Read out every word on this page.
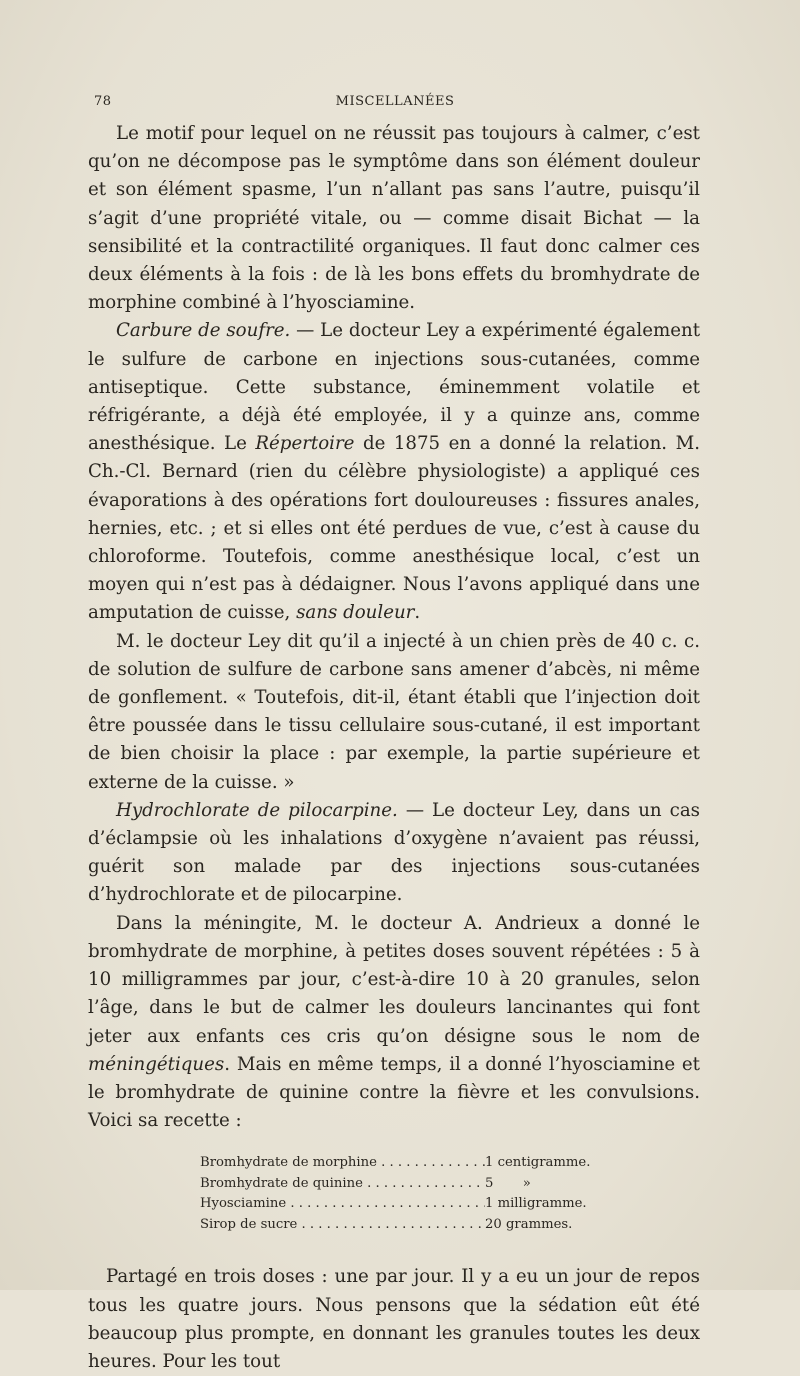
78	MISCELLANÉES

Le motif pour lequel on ne réussit pas toujours à calmer, c’est qu’on ne décompose pas le symptôme dans son élément douleur et son élément spasme, l’un n’allant pas sans l’autre, puisqu’il s’agit d’une propriété vitale, ou — comme disait Bichat — la sensibilité et la contractilité organiques. Il faut donc calmer ces deux éléments à la fois : de là les bons effets du bromhydrate de morphine combiné à l’hyosciamine.

Carbure de soufre. — Le docteur Ley a expérimenté également le sulfure de carbone en injections sous-cutanées, comme antiseptique. Cette substance, éminemment volatile et réfrigérante, a déjà été employée, il y a quinze ans, comme anesthésique. Le Répertoire de 1875 en a donné la relation. M. Ch.-Cl. Bernard (rien du célèbre physiologiste) a appliqué ces évaporations à des opérations fort douloureuses : fissures anales, hernies, etc. ; et si elles ont été perdues de vue, c’est à cause du chloroforme. Toutefois, comme anesthésique local, c’est un moyen qui n’est pas à dédaigner. Nous l’avons appliqué dans une amputation de cuisse, sans douleur.

M. le docteur Ley dit qu’il a injecté à un chien près de 40 c. c. de solution de sulfure de carbone sans amener d’abcès, ni même de gonflement. « Toutefois, dit-il, étant établi que l’injection doit être poussée dans le tissu cellulaire sous-cutané, il est important de bien choisir la place : par exemple, la partie supérieure et externe de la cuisse. »

Hydrochlorate de pilocarpine. — Le docteur Ley, dans un cas d’éclampsie où les inhalations d’oxygène n’avaient pas réussi, guérit son malade par des injections sous-cutanées d’hydrochlorate et de pilocarpine.

Dans la méningite, M. le docteur A. Andrieux a donné le bromhydrate de morphine, à petites doses souvent répétées : 5 à 10 milligrammes par jour, c’est-à-dire 10 à 20 granules, selon l’âge, dans le but de calmer les douleurs lancinantes qui font jeter aux enfants ces cris qu’on désigne sous le nom de méningétiques. Mais en même temps, il a donné l’hyosciamine et le bromhydrate de quinine contre la fièvre et les convulsions. Voici sa recette :

Bromhydrate de morphine . . .	1 centigramme.
Bromhydrate de quinine . . .	5       »
Hyosciamine . . .	1 milligramme.
Sirop de sucre . . .	20 grammes.

Partagé en trois doses : une par jour. Il y a eu un jour de repos tous les quatre jours. Nous pensons que la sédation eût été beaucoup plus prompte, en donnant les granules toutes les deux heures. Pour les tout
